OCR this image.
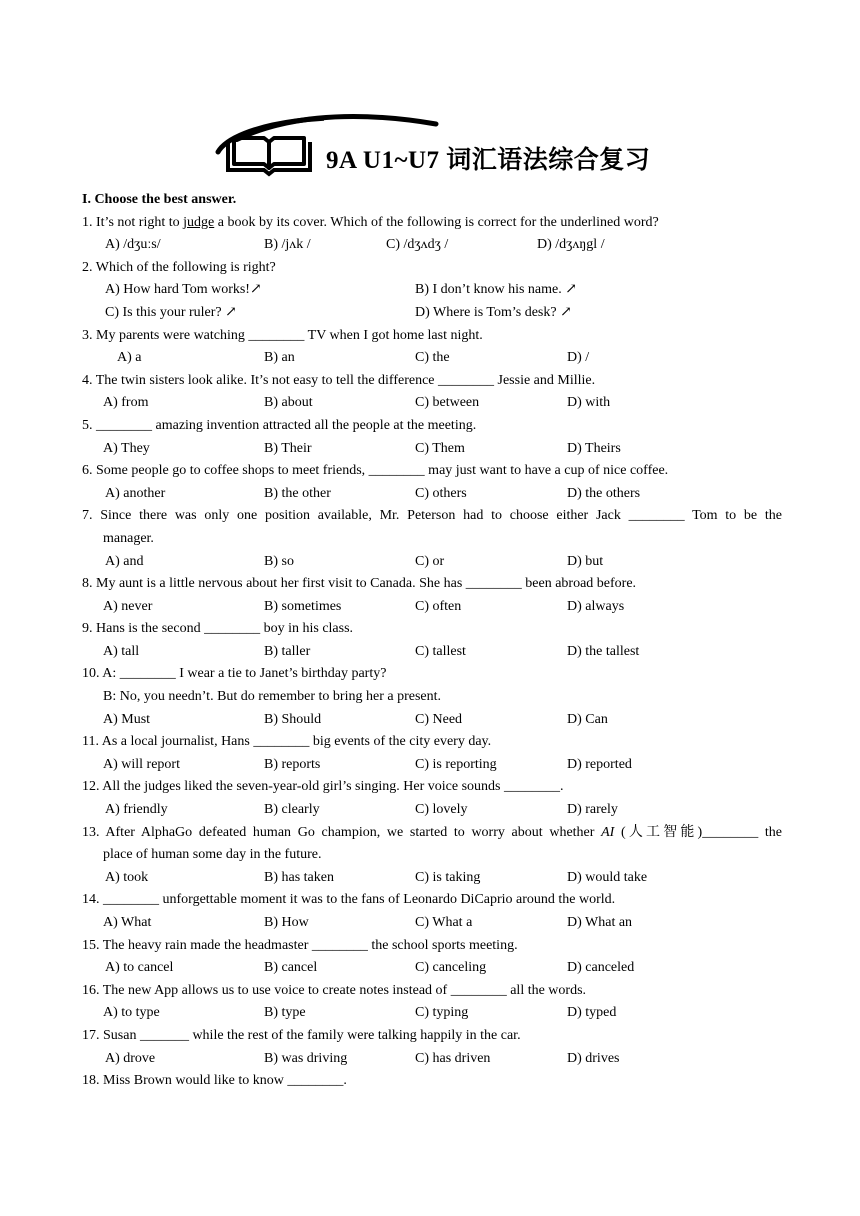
9A U1~U7 词汇语法综合复习
I. Choose the best answer.
1. It’s not right to judge a book by its cover. Which of the following is correct for the underlined word?
A) /dʒuːs/	B) /jʌk /	C) /dʒʌdʒ /	D) /dʒʌŋgl /
2. Which of the following is right?
A) How hard Tom works!↗	B) I don’t know his name. ↗
C) Is this your ruler? ↗	D) Where is Tom’s desk? ↗
3. My parents were watching ________ TV when I got home last night.
A) a	B) an	C) the	D) /
4. The twin sisters look alike. It’s not easy to tell the difference ________ Jessie and Millie.
A) from	B) about	C) between	D) with
5. ________ amazing invention attracted all the people at the meeting.
A) They	B) Their	C) Them	D) Theirs
6. Some people go to coffee shops to meet friends, ________ may just want to have a cup of nice coffee.
A) another	B) the other	C) others	D) the others
7. Since there was only one position available, Mr. Peterson had to choose either Jack ________ Tom to be the
manager.
A) and	B) so	C) or	D) but
8. My aunt is a little nervous about her first visit to Canada. She has ________ been abroad before.
A) never	B) sometimes	C) often	D) always
9. Hans is the second ________ boy in his class.
A) tall	B) taller	C) tallest	D) the tallest
10. A: ________ I wear a tie to Janet’s birthday party?
B: No, you needn’t. But do remember to bring her a present.
A) Must	B) Should	C) Need	D) Can
11. As a local journalist, Hans ________ big events of the city every day.
A) will report	B) reports	C) is reporting	D) reported
12. All the judges liked the seven-year-old girl’s singing. Her voice sounds ________.
A) friendly	B) clearly	C) lovely	D) rarely
13. After AlphaGo defeated human Go champion, we started to worry about whether AI (人工智能)________ the
place of human some day in the future.
A) took	B) has taken	C) is taking	D) would take
14. ________ unforgettable moment it was to the fans of Leonardo DiCaprio around the world.
A) What	B) How	C) What a	D) What an
15. The heavy rain made the headmaster ________ the school sports meeting.
A) to cancel	B) cancel	C) canceling	D) canceled
16. The new App allows us to use voice to create notes instead of ________ all the words.
A) to type	B) type	C) typing	D) typed
17. Susan _______ while the rest of the family were talking happily in the car.
A) drove	B) was driving	C) has driven	D) drives
18. Miss Brown would like to know ________.
